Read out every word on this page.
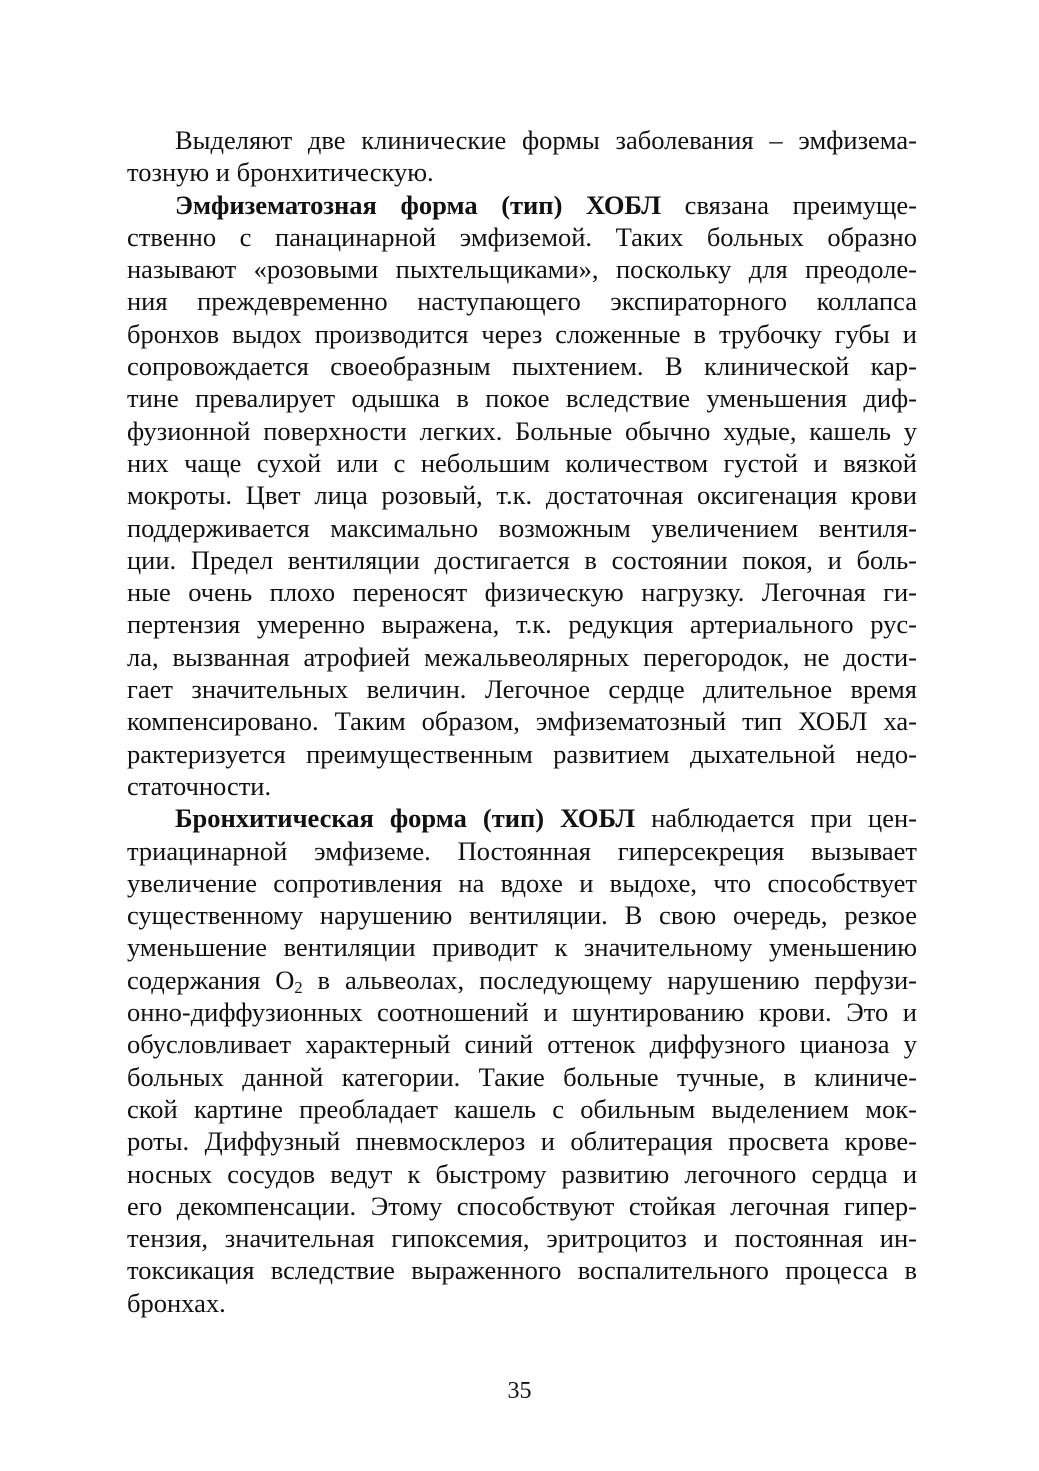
Выделяют две клинические формы заболевания – эмфизема-
тозную и бронхитическую.
Эмфизематозная форма (тип) ХОБЛ связана преимуще-
ственно с панацинарной эмфиземой. Таких больных образно
называют «розовыми пыхтельщиками», поскольку для преодоле-
ния преждевременно наступающего экспираторного коллапса
бронхов выдох производится через сложенные в трубочку губы и
сопровождается своеобразным пыхтением. В клинической кар-
тине превалирует одышка в покое вследствие уменьшения диф-
фузионной поверхности легких. Больные обычно худые, кашель у
них чаще сухой или с небольшим количеством густой и вязкой
мокроты. Цвет лица розовый, т.к. достаточная оксигенация крови
поддерживается максимально возможным увеличением вентиля-
ции. Предел вентиляции достигается в состоянии покоя, и боль-
ные очень плохо переносят физическую нагрузку. Легочная ги-
пертензия умеренно выражена, т.к. редукция артериального рус-
ла, вызванная атрофией межальвеолярных перегородок, не дости-
гает значительных величин. Легочное сердце длительное время
компенсировано. Таким образом, эмфизематозный тип ХОБЛ ха-
рактеризуется преимущественным развитием дыхательной недо-
статочности.
Бронхитическая форма (тип) ХОБЛ наблюдается при цен-
триацинарной эмфиземе. Постоянная гиперсекреция вызывает
увеличение сопротивления на вдохе и выдохе, что способствует
существенному нарушению вентиляции. В свою очередь, резкое
уменьшение вентиляции приводит к значительному уменьшению
содержания $O_2$ в альвеолах, последующему нарушению перфузи-
онно-диффузионных соотношений и шунтированию крови. Это и
обусловливает характерный синий оттенок диффузного цианоза у
больных данной категории. Такие больные тучные, в клиниче-
ской картине преобладает кашель с обильным выделением мок-
роты. Диффузный пневмосклероз и облитерация просвета крове-
носных сосудов ведут к быстрому развитию легочного сердца и
его декомпенсации. Этому способствуют стойкая легочная гипер-
тензия, значительная гипоксемия, эритроцитоз и постоянная ин-
токсикация вследствие выраженного воспалительного процесса в
бронхах.
35
